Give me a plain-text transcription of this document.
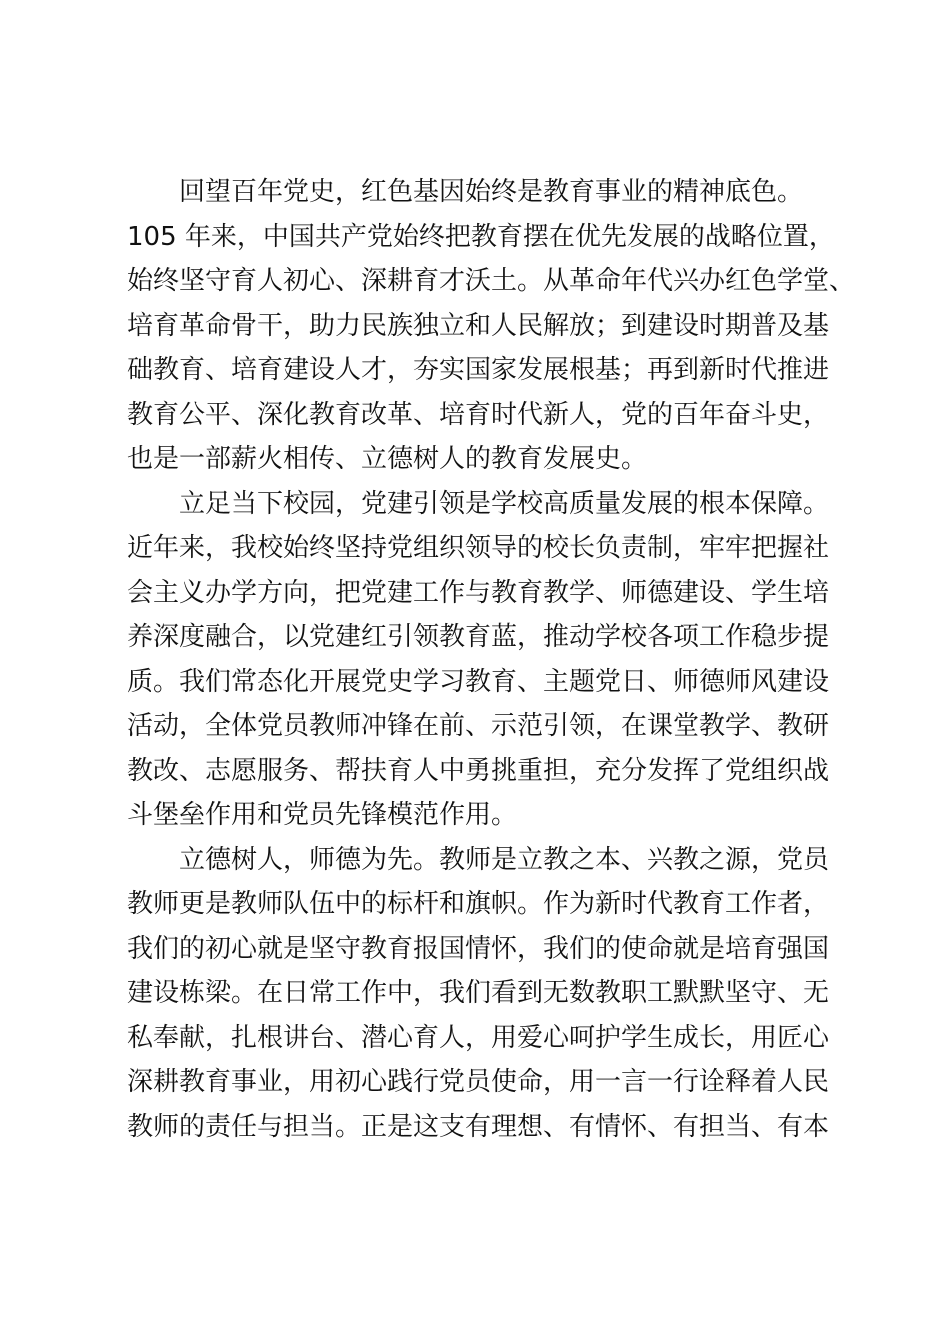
回望百年党史，红色基因始终是教育事业的精神底色。
105 年来，中国共产党始终把教育摆在优先发展的战略位置，
始终坚守育人初心、深耕育才沃土。从革命年代兴办红色学堂、
培育革命骨干，助力民族独立和人民解放；到建设时期普及基
础教育、培育建设人才，夯实国家发展根基；再到新时代推进
教育公平、深化教育改革、培育时代新人，党的百年奋斗史，
也是一部薪火相传、立德树人的教育发展史。
立足当下校园，党建引领是学校高质量发展的根本保障。
近年来，我校始终坚持党组织领导的校长负责制，牢牢把握社
会主义办学方向，把党建工作与教育教学、师德建设、学生培
养深度融合，以党建红引领教育蓝，推动学校各项工作稳步提
质。我们常态化开展党史学习教育、主题党日、师德师风建设
活动，全体党员教师冲锋在前、示范引领，在课堂教学、教研
教改、志愿服务、帮扶育人中勇挑重担，充分发挥了党组织战
斗堡垒作用和党员先锋模范作用。
立德树人，师德为先。教师是立教之本、兴教之源，党员
教师更是教师队伍中的标杆和旗帜。作为新时代教育工作者，
我们的初心就是坚守教育报国情怀，我们的使命就是培育强国
建设栋梁。在日常工作中，我们看到无数教职工默默坚守、无
私奉献，扎根讲台、潜心育人，用爱心呵护学生成长，用匠心
深耕教育事业，用初心践行党员使命，用一言一行诠释着人民
教师的责任与担当。正是这支有理想、有情怀、有担当、有本
